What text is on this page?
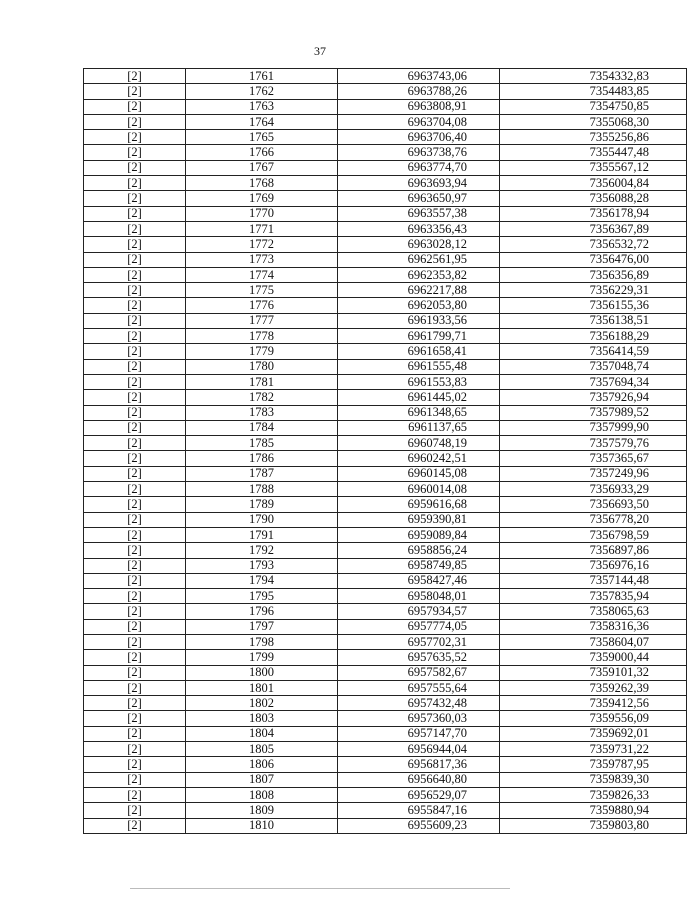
37
[2]	1761	6963743,06	7354332,83
[2]	1762	6963788,26	7354483,85
[2]	1763	6963808,91	7354750,85
[2]	1764	6963704,08	7355068,30
[2]	1765	6963706,40	7355256,86
[2]	1766	6963738,76	7355447,48
[2]	1767	6963774,70	7355567,12
[2]	1768	6963693,94	7356004,84
[2]	1769	6963650,97	7356088,28
[2]	1770	6963557,38	7356178,94
[2]	1771	6963356,43	7356367,89
[2]	1772	6963028,12	7356532,72
[2]	1773	6962561,95	7356476,00
[2]	1774	6962353,82	7356356,89
[2]	1775	6962217,88	7356229,31
[2]	1776	6962053,80	7356155,36
[2]	1777	6961933,56	7356138,51
[2]	1778	6961799,71	7356188,29
[2]	1779	6961658,41	7356414,59
[2]	1780	6961555,48	7357048,74
[2]	1781	6961553,83	7357694,34
[2]	1782	6961445,02	7357926,94
[2]	1783	6961348,65	7357989,52
[2]	1784	6961137,65	7357999,90
[2]	1785	6960748,19	7357579,76
[2]	1786	6960242,51	7357365,67
[2]	1787	6960145,08	7357249,96
[2]	1788	6960014,08	7356933,29
[2]	1789	6959616,68	7356693,50
[2]	1790	6959390,81	7356778,20
[2]	1791	6959089,84	7356798,59
[2]	1792	6958856,24	7356897,86
[2]	1793	6958749,85	7356976,16
[2]	1794	6958427,46	7357144,48
[2]	1795	6958048,01	7357835,94
[2]	1796	6957934,57	7358065,63
[2]	1797	6957774,05	7358316,36
[2]	1798	6957702,31	7358604,07
[2]	1799	6957635,52	7359000,44
[2]	1800	6957582,67	7359101,32
[2]	1801	6957555,64	7359262,39
[2]	1802	6957432,48	7359412,56
[2]	1803	6957360,03	7359556,09
[2]	1804	6957147,70	7359692,01
[2]	1805	6956944,04	7359731,22
[2]	1806	6956817,36	7359787,95
[2]	1807	6956640,80	7359839,30
[2]	1808	6956529,07	7359826,33
[2]	1809	6955847,16	7359880,94
[2]	1810	6955609,23	7359803,80
